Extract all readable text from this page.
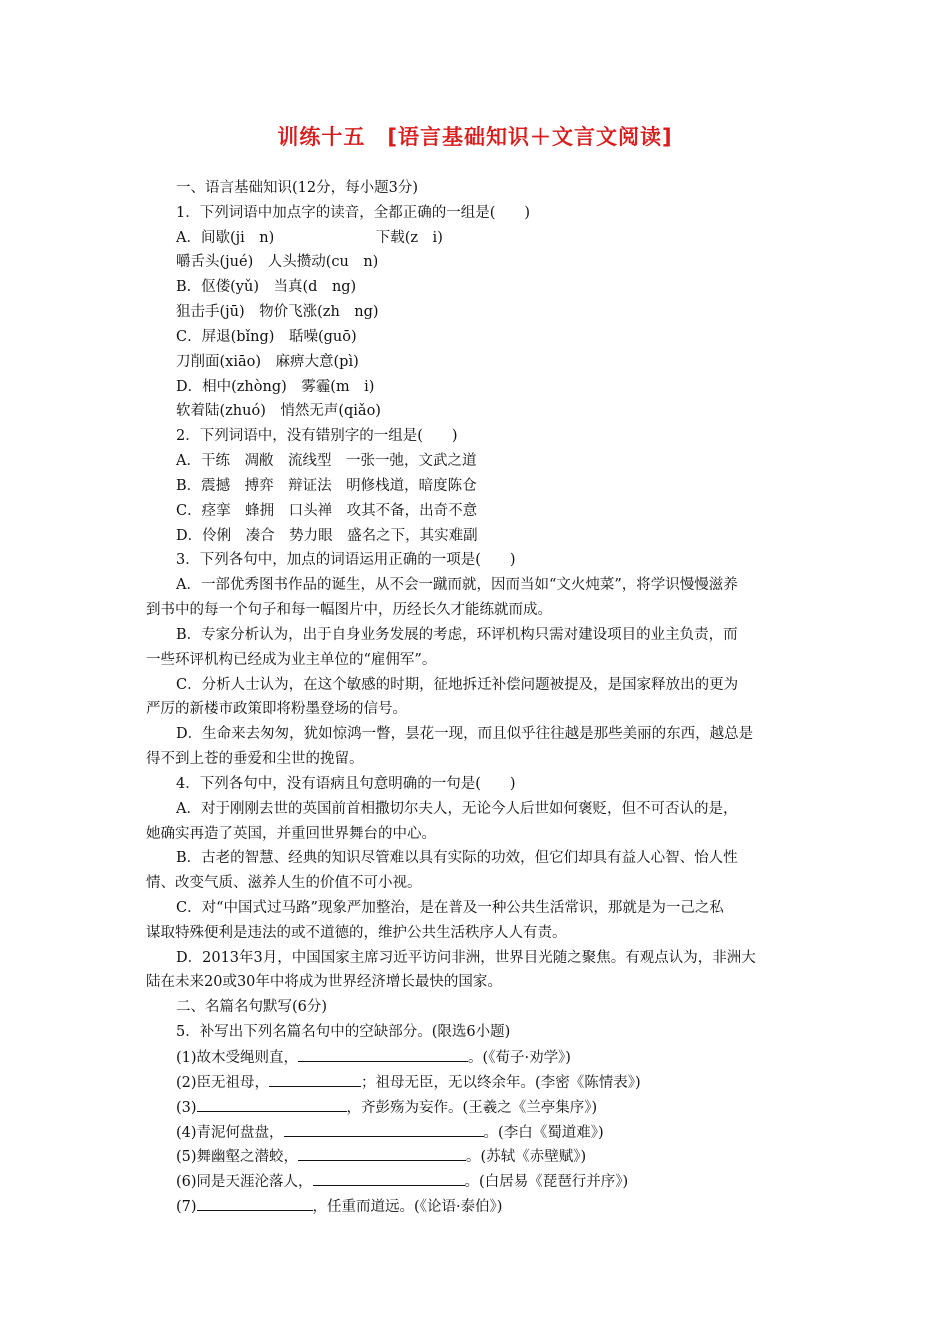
训练十五　[语言基础知识＋文言文阅读]
一、语言基础知识(12分，每小题3分)
1．下列词语中加点字的读音，全都正确的一组是(　　)
A．间歇(ji　n)　　　　　　　下载(z　i)
嚼舌头(jué)　人头攒动(cu　n)
B．伛偻(yǔ)　当真(d　ng)
狙击手(jū)　物价飞涨(zh　ng)
C．屏退(bǐng)　聒噪(guō)
刀削面(xiāo)　麻痹大意(pì)
D．相中(zhòng)　雾霾(m　i)
软着陆(zhuó)　悄然无声(qiǎo)
2．下列词语中，没有错别字的一组是(　　)
A．干练　凋敝　流线型　一张一弛，文武之道
B．震撼　搏弈　辩证法　明修栈道，暗度陈仓
C．痉挛　蜂拥　口头禅　攻其不备，出奇不意
D．伶俐　凑合　势力眼　盛名之下，其实难副
3．下列各句中，加点的词语运用正确的一项是(　　)
A．一部优秀图书作品的诞生，从不会一蹴而就，因而当如“文火炖菜”，将学识慢慢滋养
到书中的每一个句子和每一幅图片中，历经长久才能练就而成。
B．专家分析认为，出于自身业务发展的考虑，环评机构只需对建设项目的业主负责，而
一些环评机构已经成为业主单位的“雇佣军”。
C．分析人士认为，在这个敏感的时期，征地拆迁补偿问题被提及，是国家释放出的更为
严厉的新楼市政策即将粉墨登场的信号。
D．生命来去匆匆，犹如惊鸿一瞥，昙花一现，而且似乎往往越是那些美丽的东西，越总是
得不到上苍的垂爱和尘世的挽留。
4．下列各句中，没有语病且句意明确的一句是(　　)
A．对于刚刚去世的英国前首相撒切尔夫人，无论今人后世如何褒贬，但不可否认的是，
她确实再造了英国，并重回世界舞台的中心。
B．古老的智慧、经典的知识尽管难以具有实际的功效，但它们却具有益人心智、怡人性
情、改变气质、滋养人生的价值不可小视。
C．对“中国式过马路”现象严加整治，是在普及一种公共生活常识，那就是为一己之私
谋取特殊便利是违法的或不道德的，维护公共生活秩序人人有责。
D．2013年3月，中国国家主席习近平访问非洲，世界目光随之聚焦。有观点认为，非洲大
陆在未来20或30年中将成为世界经济增长最快的国家。
二、名篇名句默写(6分)
5．补写出下列名篇名句中的空缺部分。(限选6小题)
(1)故木受绳则直，	。(《荀子·劝学》)
(2)臣无祖母，	；祖母无臣，无以终余年。(李密《陈情表》)
(3)	，齐彭殇为妄作。(王羲之《兰亭集序》)
(4)青泥何盘盘，	。(李白《蜀道难》)
(5)舞幽壑之潜蛟，	。(苏轼《赤壁赋》)
(6)同是天涯沦落人，	。(白居易《琵琶行并序》)
(7)	，任重而道远。(《论语·泰伯》)
